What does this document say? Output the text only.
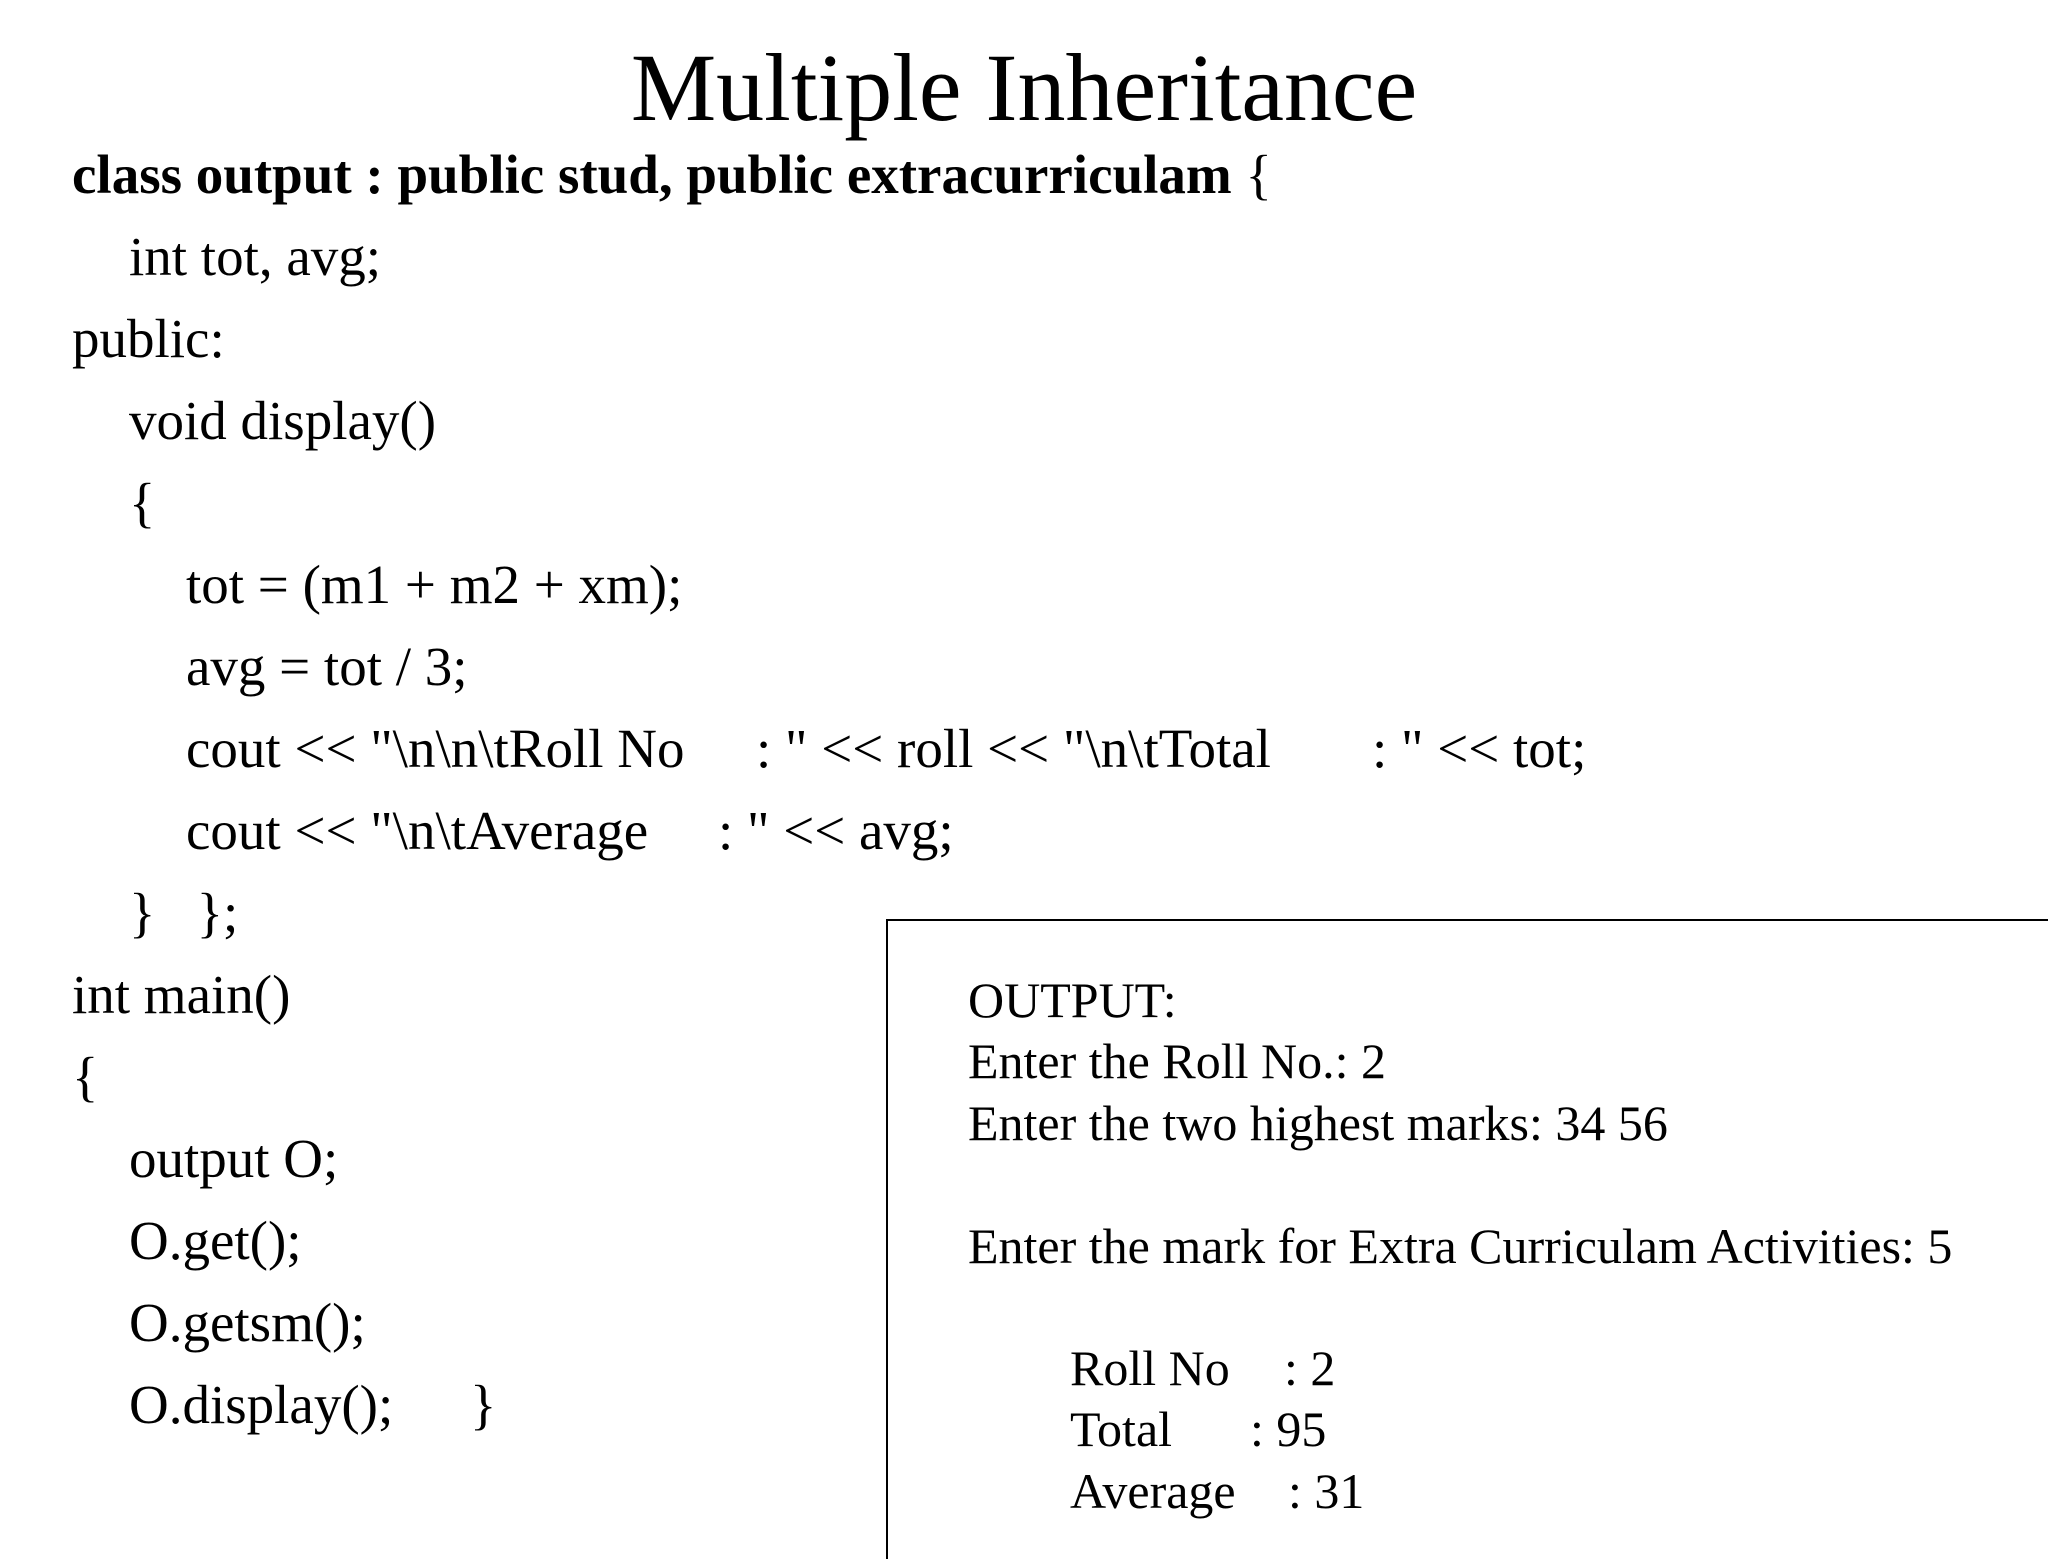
Multiple Inheritance
class output : public stud, public extracurriculam {
int tot, avg;
public:
void display()
{
tot = (m1 + m2 + xm);
avg = tot / 3;
cout << "\n\n\tRoll No : " << roll << "\n\tTotal : " << tot;
cout << "\n\tAverage : " << avg;
}   };
int main()
{
output O;
O.get();
O.getsm();
O.display(); }
OUTPUT:
Enter the Roll No.: 2
Enter the two highest marks: 34 56
Enter the mark for Extra Curriculam Activities: 5
Roll No : 2
Total : 95
Average : 31
